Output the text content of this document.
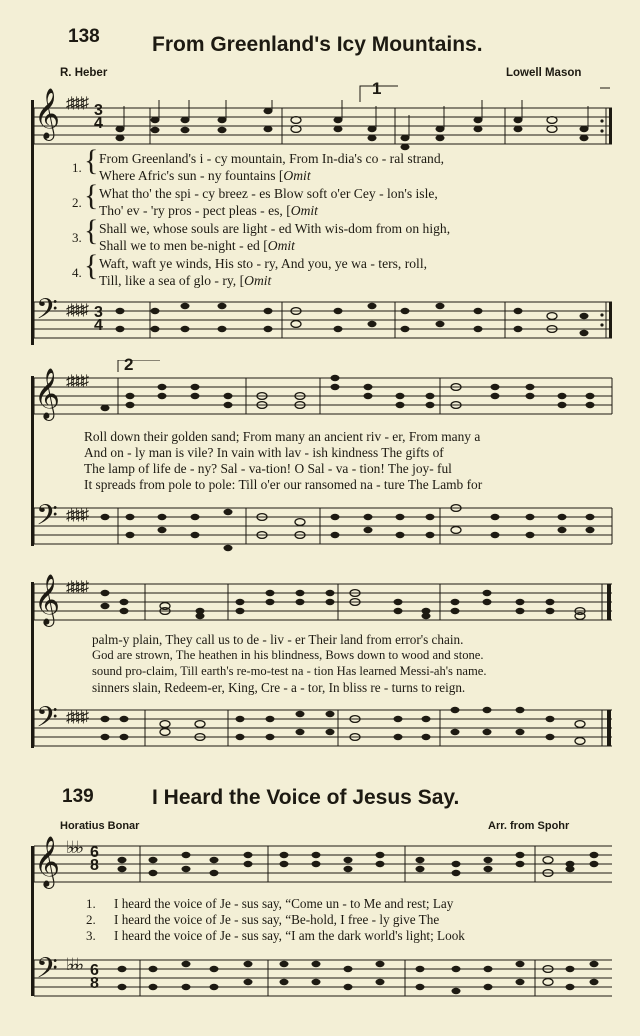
138 From Greenland's Icy Mountains.
R. Heber	Lowell Mason
1
𝄞 ♯♯♯♯ 3
4
1.
2.
3.
4.
{
{
{
{
From Greenland's i - cy mountain, From In-dia's co - ral strand,
Where Afric's sun - ny fountains [Omit
What tho' the spi - cy breez - es Blow soft o'er Cey - lon's isle,
Tho' ev - 'ry pros - pect pleas - es, [Omit
Shall we, whose souls are light - ed With wis-dom from on high,
Shall we to men be-night - ed [Omit
Waft, waft ye winds, His sto - ry, And you, ye wa - ters, roll,
Till, like a sea of glo - ry, [Omit
𝄢 ♯♯♯♯ 3
4
2
𝄞 ♯♯♯♯
Roll down their golden sand; From many an ancient riv - er, From many a
And on - ly man is vile? In vain with lav - ish kindness The gifts of
The lamp of life de - ny? Sal - va-tion! O Sal - va - tion! The joy- ful
It spreads from pole to pole: Till o'er our ransomed na - ture The Lamb for
𝄢 ♯♯♯♯
𝄞 ♯♯♯♯
palm-y plain, They call us to de - liv - er Their land from error's chain.
God are strown, The heathen in his blindness, Bows down to wood and stone.
sound pro-claim, Till earth's re-mo-test na - tion Has learned Messi-ah's name.
sinners slain, Redeem-er, King, Cre - a - tor, In bliss re - turns to reign.
𝄢 ♯♯♯♯
139	I Heard the Voice of Jesus Say.
Horatius Bonar	Arr. from Spohr
𝄞 ♭♭♭ 6
8
1.
2.
3.
I heard the voice of Je - sus say, “Come un - to Me and rest; Lay
I heard the voice of Je - sus say, “Be-hold, I free - ly give The
I heard the voice of Je - sus say, “I am the dark world's light; Look
𝄢 ♭♭♭ 6
8
